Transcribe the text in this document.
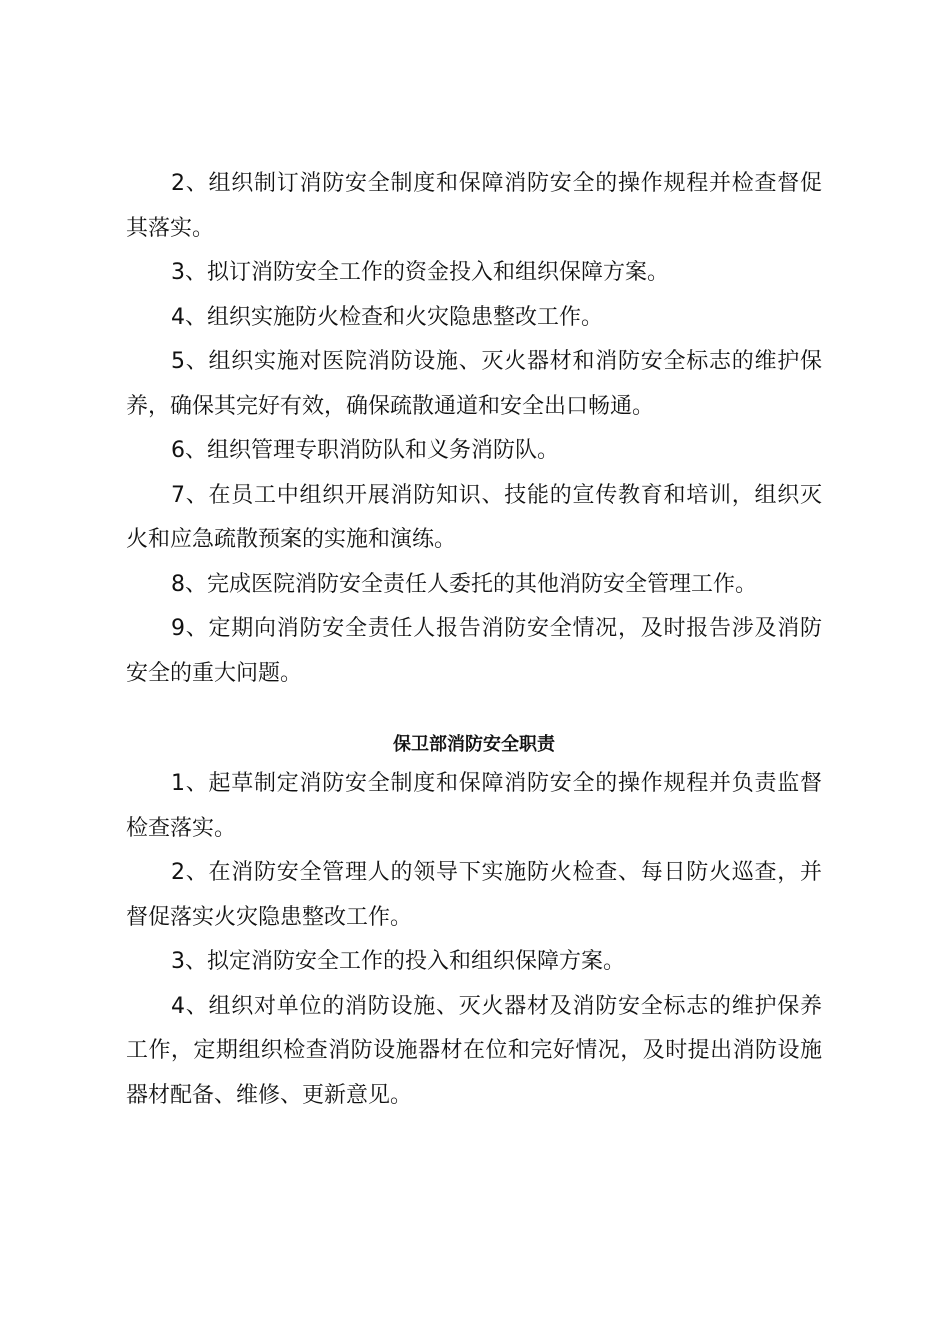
2、组织制订消防安全制度和保障消防安全的操作规程并检查督促其落实。

3、拟订消防安全工作的资金投入和组织保障方案。

4、组织实施防火检查和火灾隐患整改工作。

5、组织实施对医院消防设施、灭火器材和消防安全标志的维护保养，确保其完好有效，确保疏散通道和安全出口畅通。

6、组织管理专职消防队和义务消防队。

7、在员工中组织开展消防知识、技能的宣传教育和培训，组织灭火和应急疏散预案的实施和演练。

8、完成医院消防安全责任人委托的其他消防安全管理工作。

9、定期向消防安全责任人报告消防安全情况，及时报告涉及消防安全的重大问题。

保卫部消防安全职责

1、起草制定消防安全制度和保障消防安全的操作规程并负责监督检查落实。

2、在消防安全管理人的领导下实施防火检查、每日防火巡查，并督促落实火灾隐患整改工作。

3、拟定消防安全工作的投入和组织保障方案。

4、组织对单位的消防设施、灭火器材及消防安全标志的维护保养工作，定期组织检查消防设施器材在位和完好情况，及时提出消防设施器材配备、维修、更新意见。
